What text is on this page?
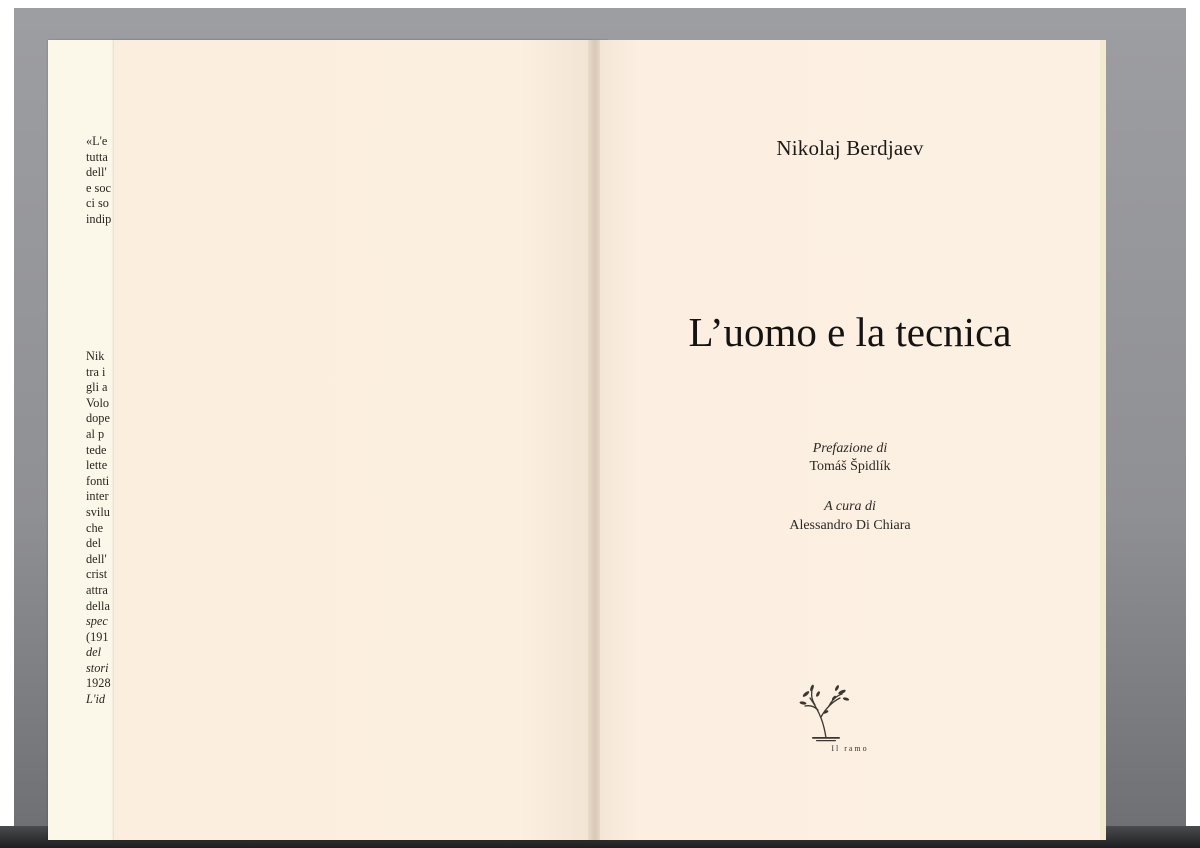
«L'e
tutta
dell'
e soc
ci so
indip
Nik
tra i
gli a
Volo
dope
al p
tede
lette
fonti
inter
svilu
che
del
dell'
crist
attra
della
spec
(191
del
stori
1928
L'id
Nikolaj Berdjaev
L’uomo e la tecnica
Prefazione di
Tomáš Špidlík
A cura di
Alessandro Di Chiara
Il ramo
